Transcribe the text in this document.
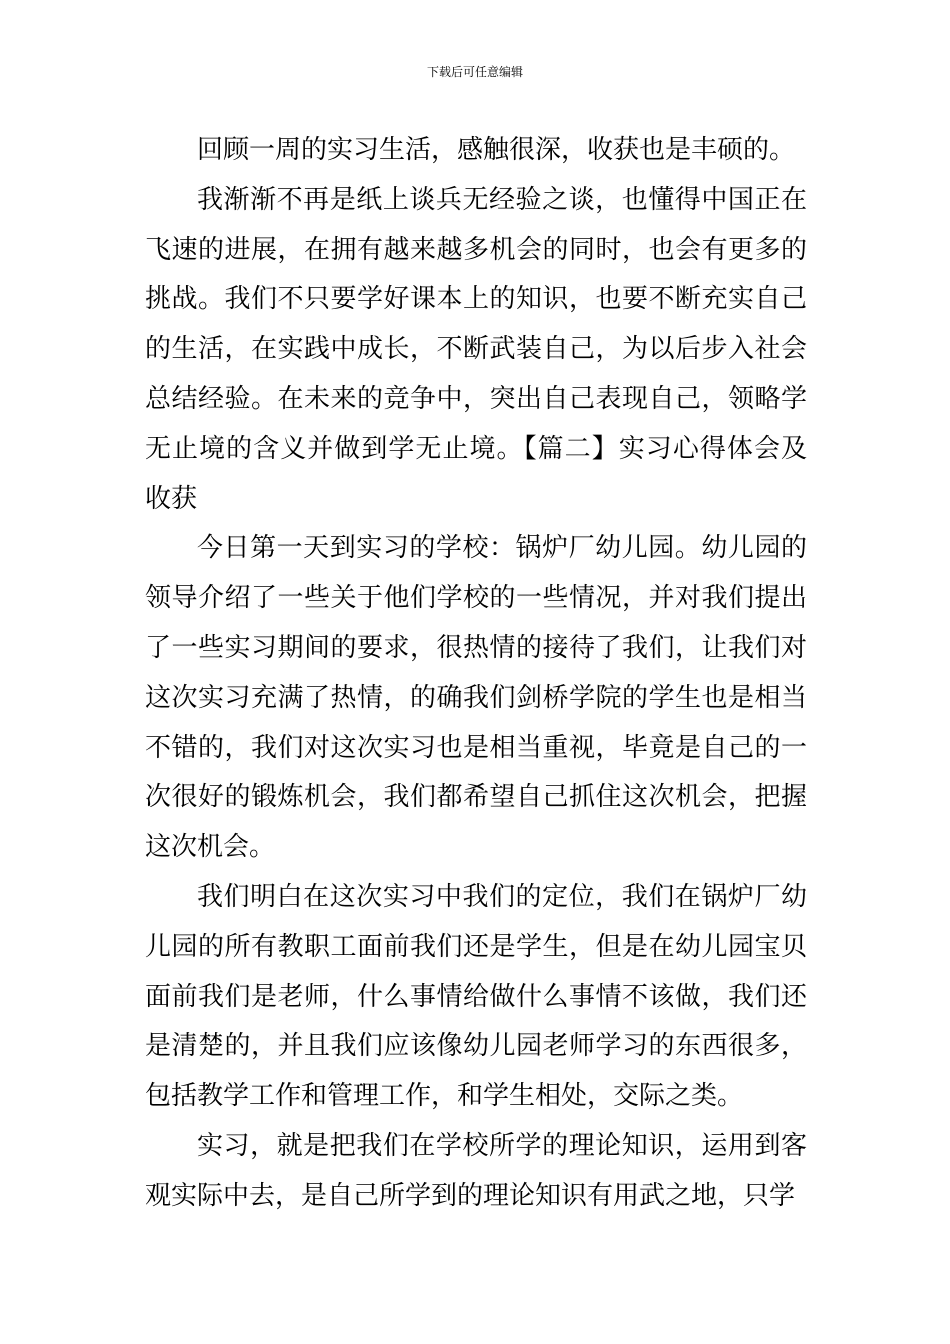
下载后可任意编辑

回顾一周的实习生活，感触很深，收获也是丰硕的。

我渐渐不再是纸上谈兵无经验之谈，也懂得中国正在飞速的进展，在拥有越来越多机会的同时，也会有更多的挑战。我们不只要学好课本上的知识，也要不断充实自己的生活，在实践中成长，不断武装自己，为以后步入社会总结经验。在未来的竞争中，突出自己表现自己，领略学无止境的含义并做到学无止境。【篇二】实习心得体会及收获

今日第一天到实习的学校：锅炉厂幼儿园。幼儿园的领导介绍了一些关于他们学校的一些情况，并对我们提出了一些实习期间的要求，很热情的接待了我们，让我们对这次实习充满了热情，的确我们剑桥学院的学生也是相当不错的，我们对这次实习也是相当重视，毕竟是自己的一次很好的锻炼机会，我们都希望自己抓住这次机会，把握这次机会。

我们明白在这次实习中我们的定位，我们在锅炉厂幼儿园的所有教职工面前我们还是学生，但是在幼儿园宝贝面前我们是老师，什么事情给做什么事情不该做，我们还是清楚的，并且我们应该像幼儿园老师学习的东西很多，包括教学工作和管理工作，和学生相处，交际之类。

实习，就是把我们在学校所学的理论知识，运用到客观实际中去，是自己所学到的理论知识有用武之地，只学
